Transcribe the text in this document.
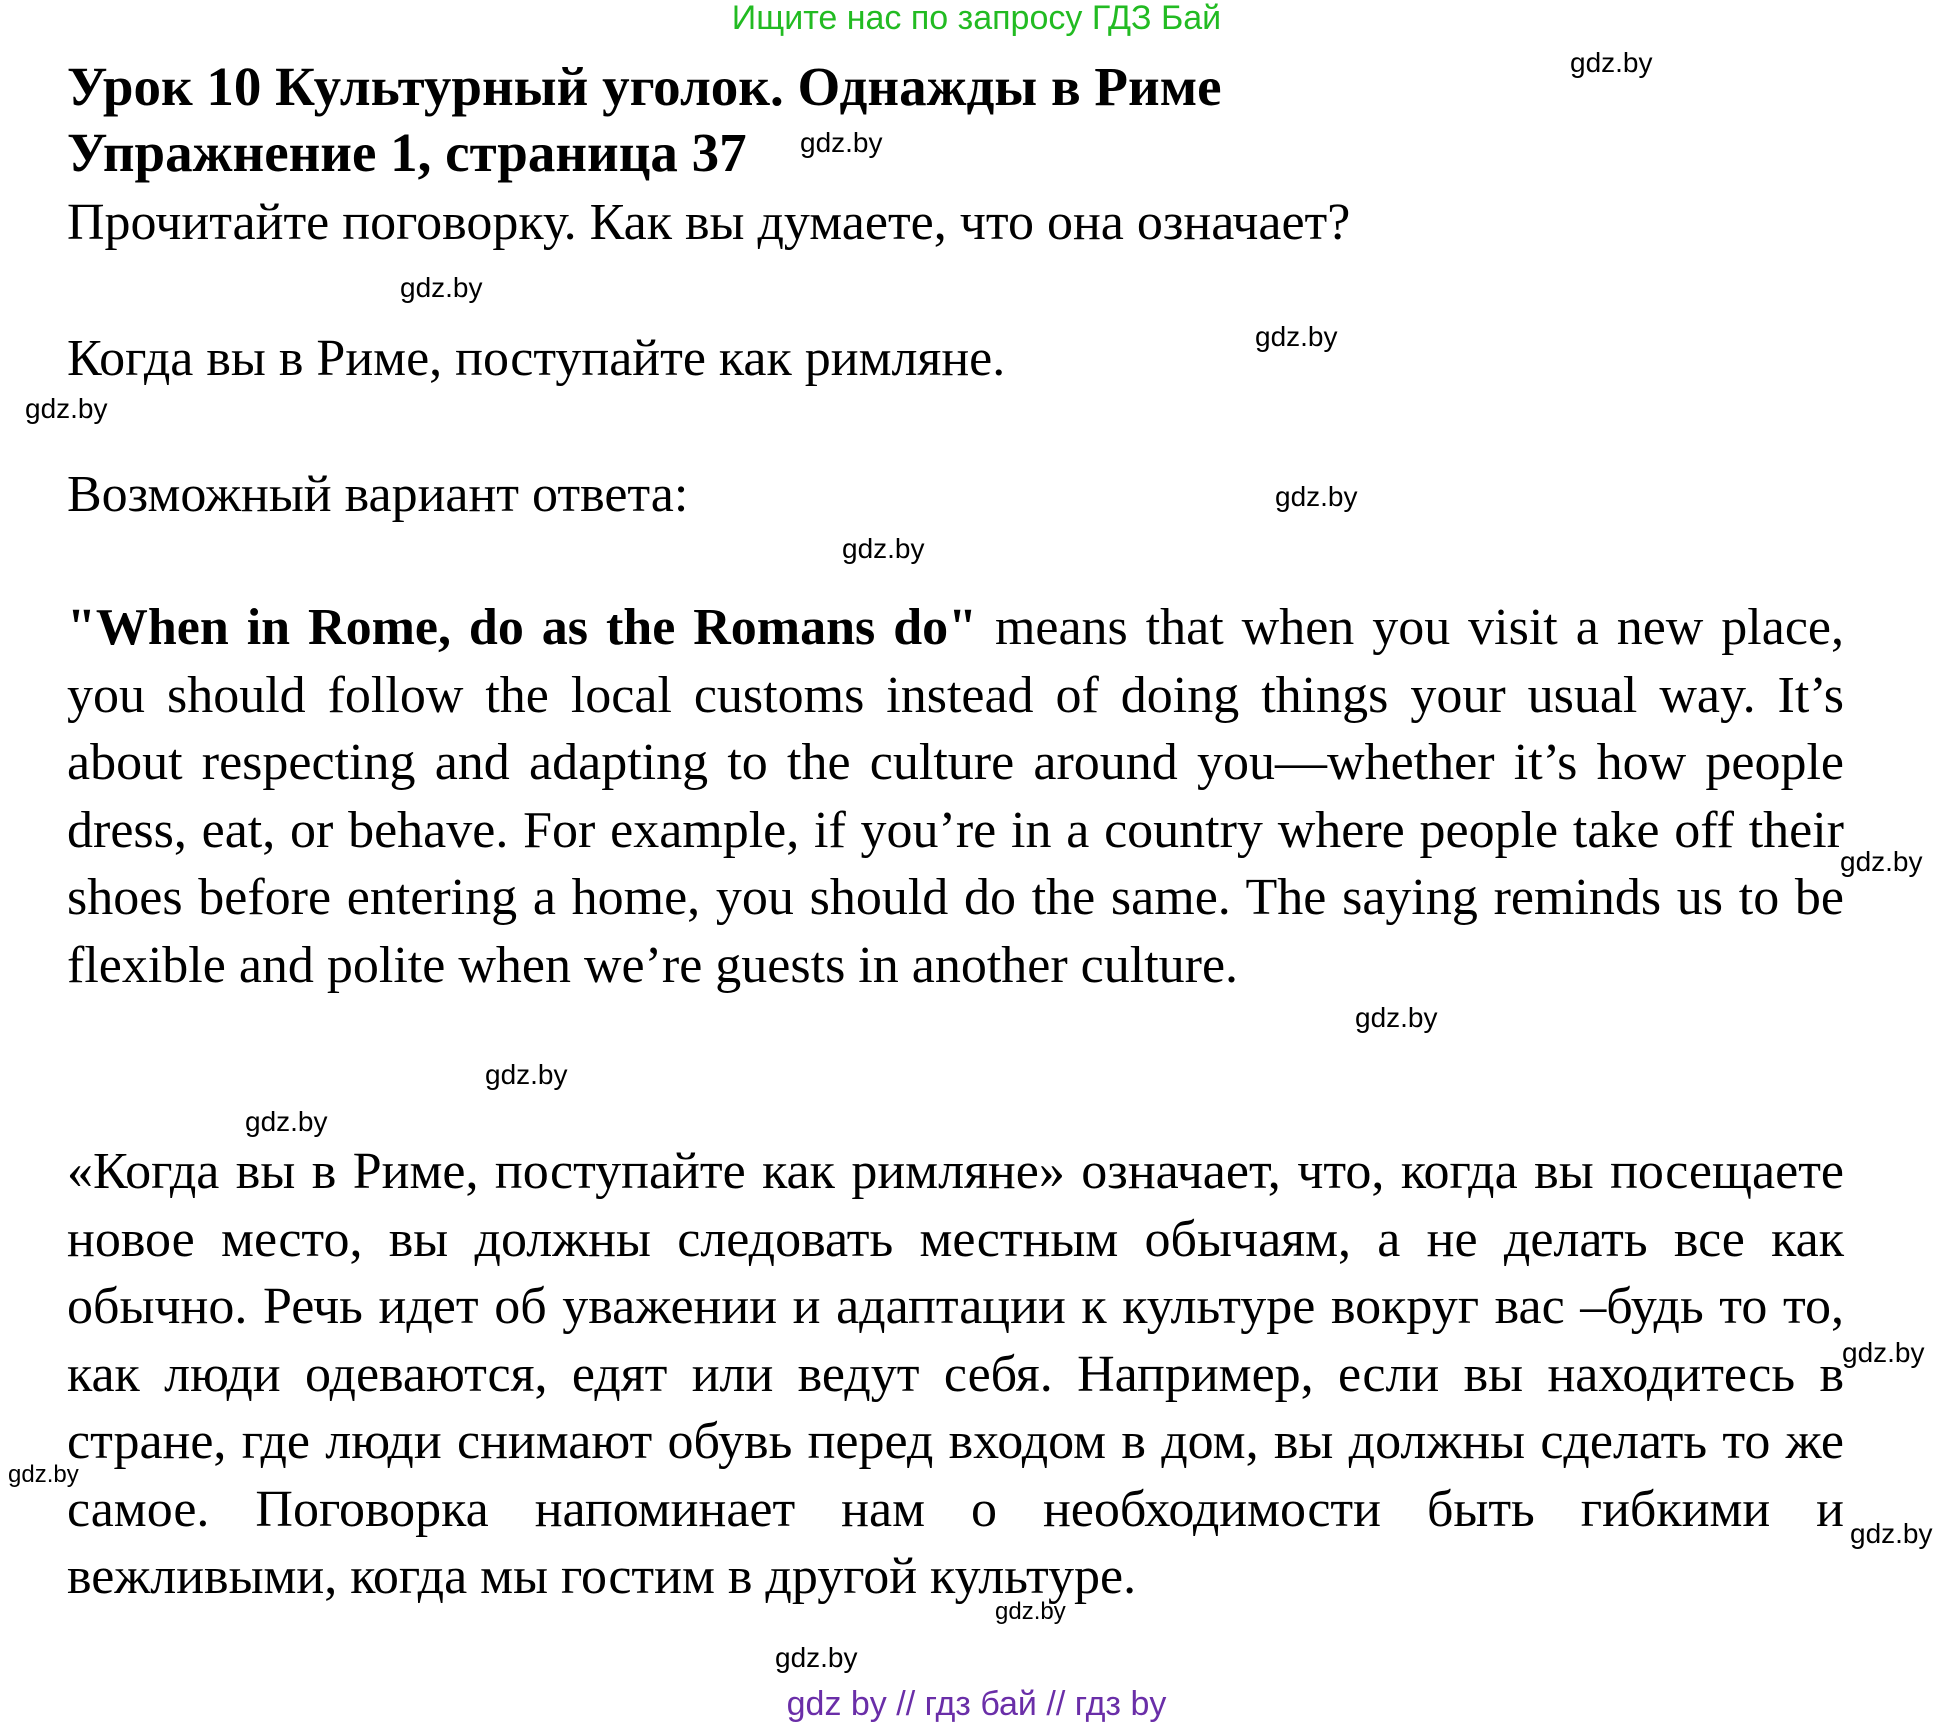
Ищите нас по запросу ГДЗ Бай
Урок 10 Культурный уголок. Однажды в Риме
Упражнение 1, страница 37
Прочитайте поговорку. Как вы думаете, что она означает?
Когда вы в Риме, поступайте как римляне.
Возможный вариант ответа:
"When in Rome, do as the Romans do" means that when you visit a new place, you should follow the local customs instead of doing things your usual way. It’s about respecting and adapting to the culture around you—whether it’s how people dress, eat, or behave. For example, if you’re in a country where people take off their shoes before entering a home, you should do the same. The saying reminds us to be flexible and polite when we’re guests in another culture.
«Когда вы в Риме, поступайте как римляне» означает, что, когда вы посещаете новое место, вы должны следовать местным обычаям, а не делать все как обычно. Речь идет об уважении и адаптации к культуре вокруг вас –будь то то, как люди одеваются, едят или ведут себя. Например, если вы находитесь в стране, где люди снимают обувь перед входом в дом, вы должны сделать то же самое. Поговорка напоминает нам о необходимости быть гибкими и вежливыми, когда мы гостим в другой культуре.
gdz.by
gdz.by
gdz.by
gdz.by
gdz.by
gdz.by
gdz.by
gdz.by
gdz.by
gdz.by
gdz.by
gdz.by
gdz.by
gdz.by
gdz.by
gdz.by
gdz by // гдз бай // гдз by
